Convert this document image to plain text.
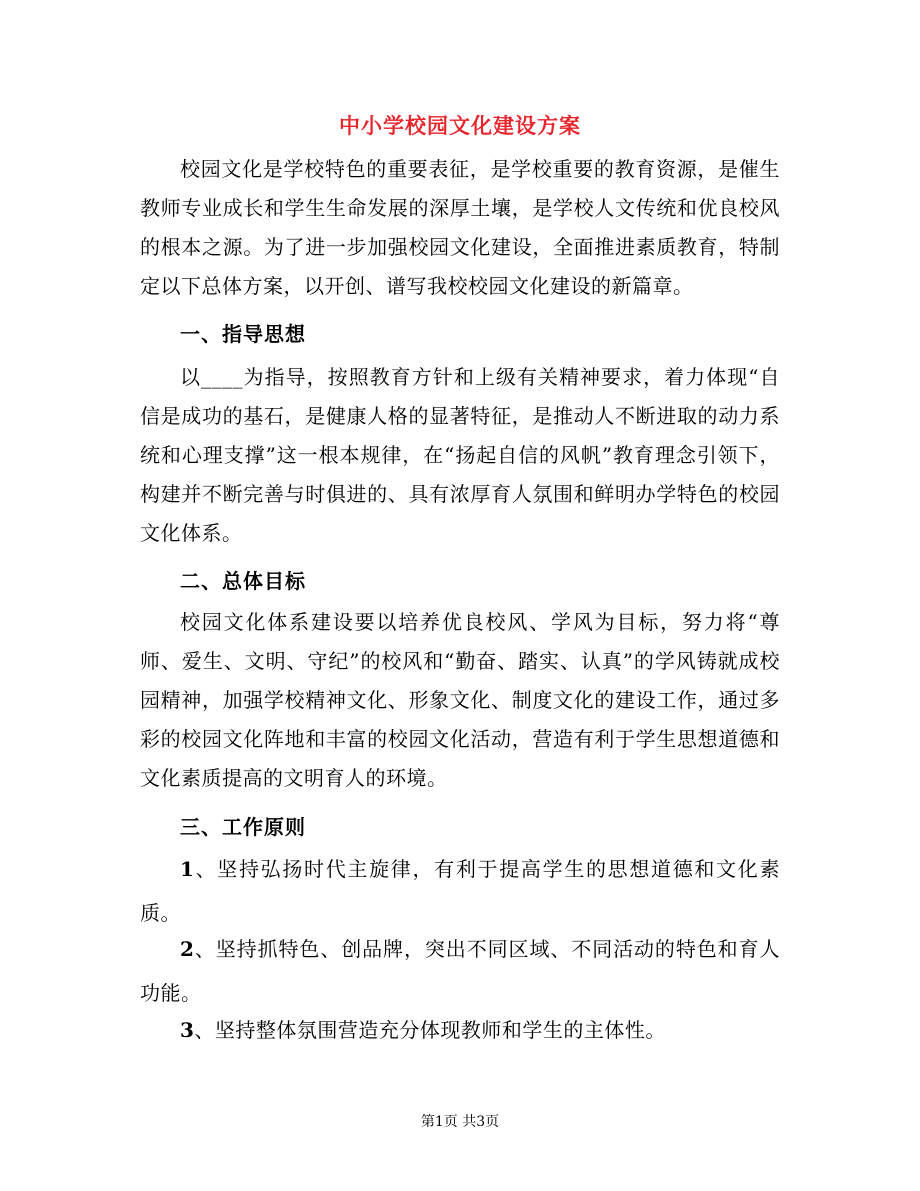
中小学校园文化建设方案

校园文化是学校特色的重要表征，是学校重要的教育资源，是催生教师专业成长和学生生命发展的深厚土壤，是学校人文传统和优良校风的根本之源。为了进一步加强校园文化建设，全面推进素质教育，特制定以下总体方案，以开创、谱写我校校园文化建设的新篇章。

一、指导思想

以____为指导，按照教育方针和上级有关精神要求，着力体现“自信是成功的基石，是健康人格的显著特征，是推动人不断进取的动力系统和心理支撑”这一根本规律，在“扬起自信的风帆”教育理念引领下，构建并不断完善与时俱进的、具有浓厚育人氛围和鲜明办学特色的校园文化体系。

二、总体目标

校园文化体系建设要以培养优良校风、学风为目标，努力将“尊师、爱生、文明、守纪”的校风和“勤奋、踏实、认真”的学风铸就成校园精神，加强学校精神文化、形象文化、制度文化的建设工作，通过多彩的校园文化阵地和丰富的校园文化活动，营造有利于学生思想道德和文化素质提高的文明育人的环境。

三、工作原则

1、坚持弘扬时代主旋律，有利于提高学生的思想道德和文化素质。

2、坚持抓特色、创品牌，突出不同区域、不同活动的特色和育人功能。

3、坚持整体氛围营造充分体现教师和学生的主体性。

第1页 共3页
